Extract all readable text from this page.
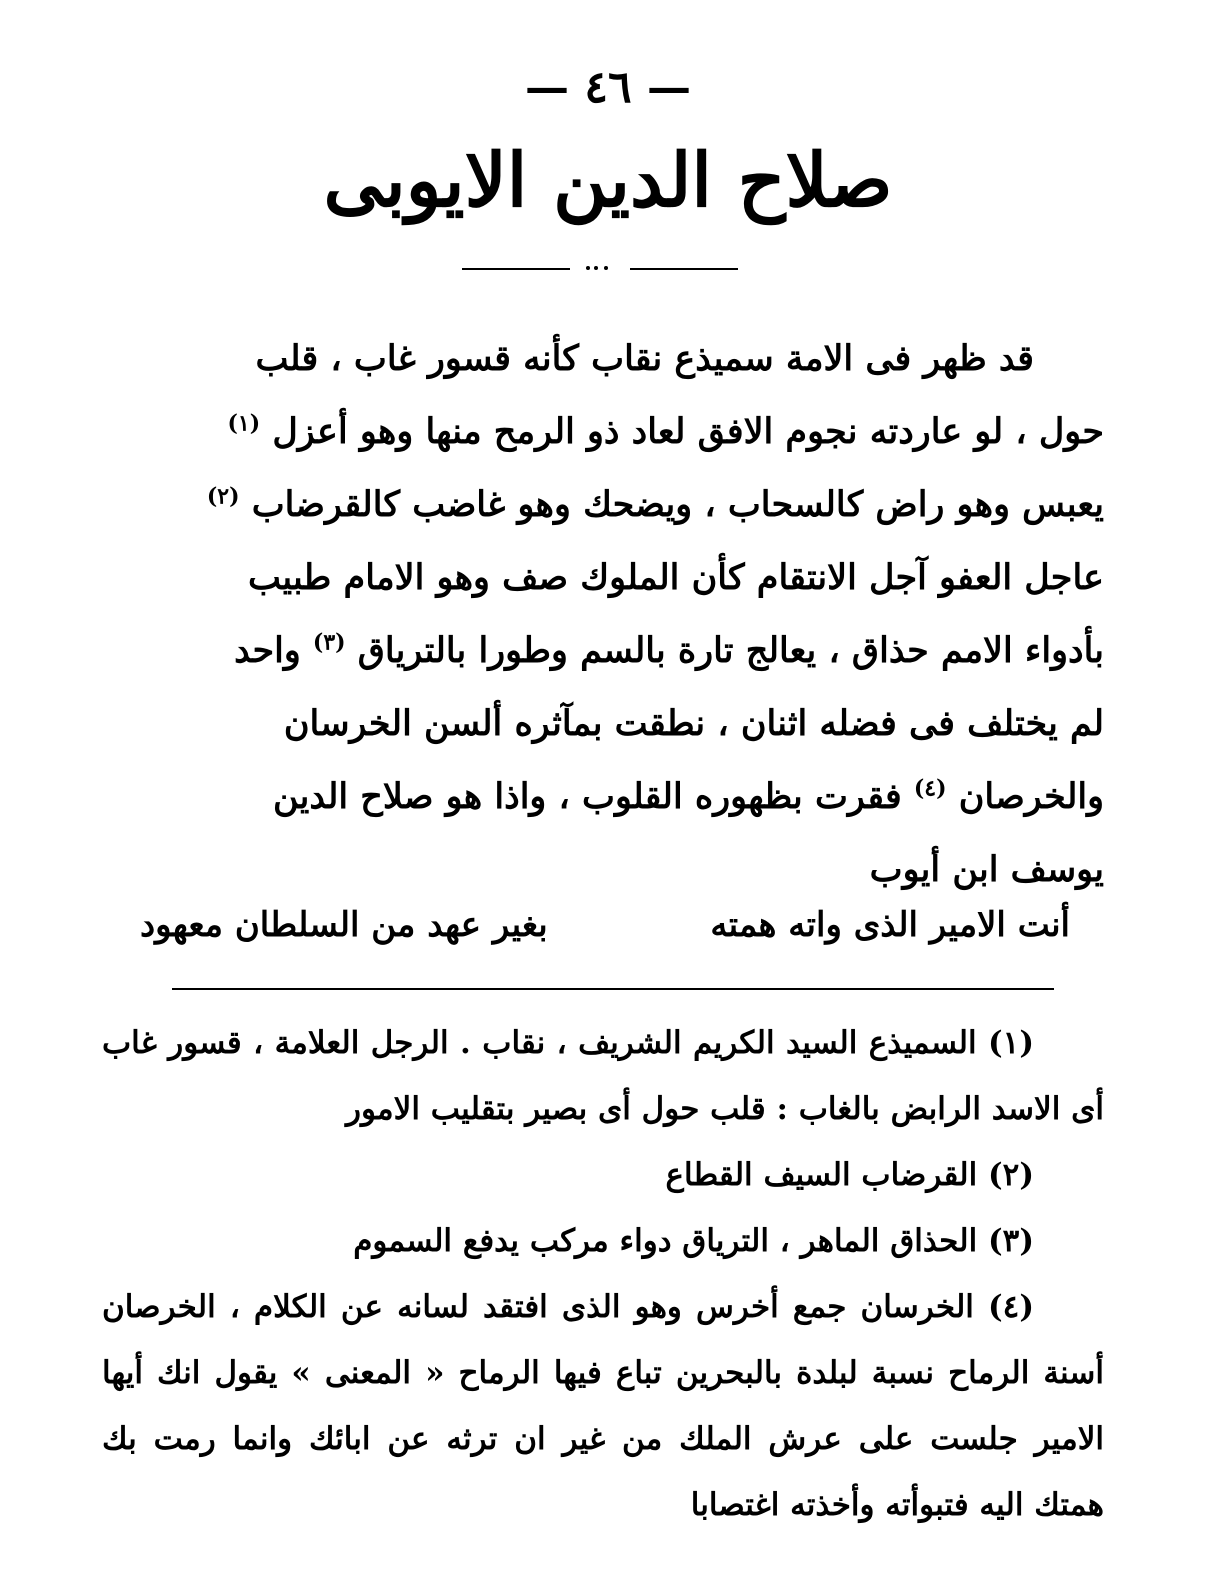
— ٤٦ —
صلاح الدين الايوبى

قد ظهر فى الامة سميذع نقاب كأنه قسور غاب ، قلب

حول ، لو عاردته نجوم الافق لعاد ذو الرمح منها وهو أعزل $^{(١)}$

يعبس وهو راض كالسحاب ، ويضحك وهو غاضب كالقرضاب $^{(٢)}$

عاجل العفو آجل الانتقام كأن الملوك صف وهو الامام طبيب

بأدواء الامم حذاق ، يعالج تارة بالسم وطورا بالترياق $^{(٣)}$ واحد

لم يختلف فى فضله اثنان ، نطقت بمآثره ألسن الخرسان

والخرصان $^{(٤)}$ فقرت بظهوره القلوب ، واذا هو صلاح الدين

يوسف ابن أيوب

أنت الامير الذى واته همته
بغير عهد من السلطان معهود

(١) السميذع السيد الكريم الشريف ، نقاب . الرجل العلامة ، قسور غاب أى الاسد الرابض بالغاب : قلب حول أى بصير بتقليب الامور

(٢) القرضاب السيف القطاع

(٣) الحذاق الماهر ، الترياق دواء مركب يدفع السموم

(٤) الخرسان جمع أخرس وهو الذى افتقد لسانه عن الكلام ، الخرصان أسنة الرماح نسبة لبلدة بالبحرين تباع فيها الرماح « المعنى » يقول انك أيها الامير جلست على عرش الملك من غير ان ترثه عن ابائك وانما رمت بك همتك اليه فتبوأته وأخذته اغتصابا
